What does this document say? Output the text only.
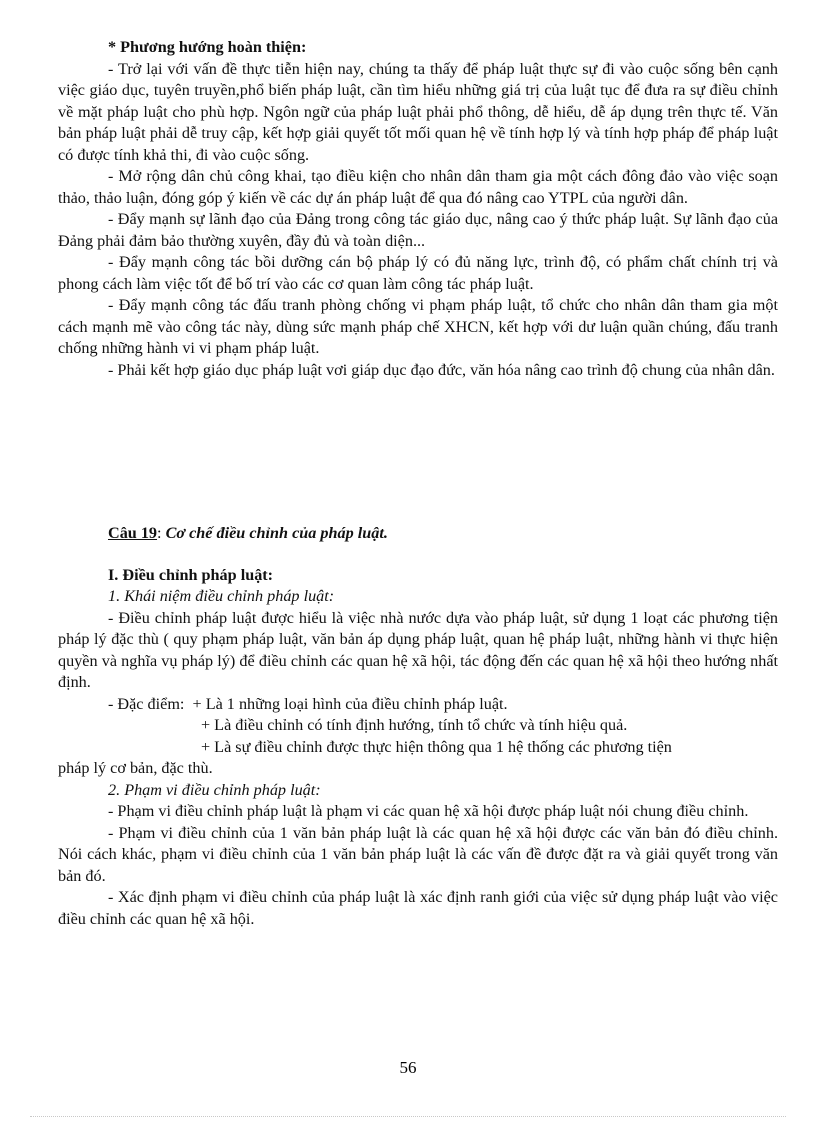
* Phương hướng hoàn thiện:

- Trở lại với vấn đề thực tiễn hiện nay, chúng ta thấy để pháp luật thực sự đi vào cuộc sống bên cạnh việc giáo dục, tuyên truyền,phổ biến pháp luật, cần tìm hiểu những giá trị của luật tục để đưa ra sự điều chỉnh về mặt pháp luật cho phù hợp. Ngôn ngữ của pháp luật phải phổ thông, dễ hiểu, dễ áp dụng trên thực tế. Văn bản pháp luật phải dễ truy cập, kết hợp giải quyết tốt mối quan hệ về tính hợp lý và tính hợp pháp để pháp luật có được tính khả thi, đi vào cuộc sống.

- Mở rộng dân chủ công khai, tạo điều kiện cho nhân dân tham gia một cách đông đảo vào việc soạn thảo, thảo luận, đóng góp ý kiến về các dự án pháp luật để qua đó nâng cao YTPL của người dân.

- Đẩy mạnh sự lãnh đạo của Đảng trong công tác giáo dục, nâng cao ý thức pháp luật. Sự lãnh đạo của Đảng phải đảm bảo thường xuyên, đầy đủ và toàn diện...

- Đẩy mạnh công tác bồi dưỡng cán bộ pháp lý có đủ năng lực, trình độ, có phẩm chất chính trị và phong cách làm việc tốt để bố trí vào các cơ quan làm công tác pháp luật.

- Đẩy mạnh công tác đấu tranh phòng chống vi phạm pháp luật, tổ chức cho nhân dân tham gia một cách mạnh mẽ vào công tác này, dùng sức mạnh pháp chế XHCN, kết hợp với dư luận quần chúng, đấu tranh chống những hành vi vi phạm pháp luật.

- Phải kết hợp giáo dục pháp luật vơi giáp dục đạo đức, văn hóa nâng cao trình độ chung của nhân dân.

Câu 19: Cơ chế điều chỉnh của pháp luật.

I. Điều chỉnh pháp luật:

1. Khái niệm điều chỉnh pháp luật:

- Điều chỉnh pháp luật được hiểu là việc nhà nước dựa vào pháp luật, sử dụng 1 loạt các phương tiện pháp lý đặc thù ( quy phạm pháp luật, văn bản áp dụng pháp luật, quan hệ pháp luật, những hành vi thực hiện quyền và nghĩa vụ pháp lý) để điều chỉnh các quan hệ xã hội, tác động đến các quan hệ xã hội theo hướng nhất định.

- Đặc điểm: + Là 1 những loại hình của điều chỉnh pháp luật.

+ Là điều chỉnh có tính định hướng, tính tổ chức và tính hiệu quả.

+ Là sự điều chỉnh được thực hiện thông qua 1 hệ thống các phương tiện

pháp lý cơ bản, đặc thù.

2. Phạm vi điều chỉnh pháp luật:

- Phạm vi điều chỉnh pháp luật là phạm vi các quan hệ xã hội được pháp luật nói chung điều chỉnh.

- Phạm vi điều chỉnh của 1 văn bản pháp luật là các quan hệ xã hội được các văn bản đó điều chỉnh. Nói cách khác, phạm vi điều chỉnh của 1 văn bản pháp luật là các vấn đề được đặt ra và giải quyết trong văn bản đó.

- Xác định phạm vi điều chỉnh của pháp luật là xác định ranh giới của việc sử dụng pháp luật vào việc điều chỉnh các quan hệ xã hội.

56
